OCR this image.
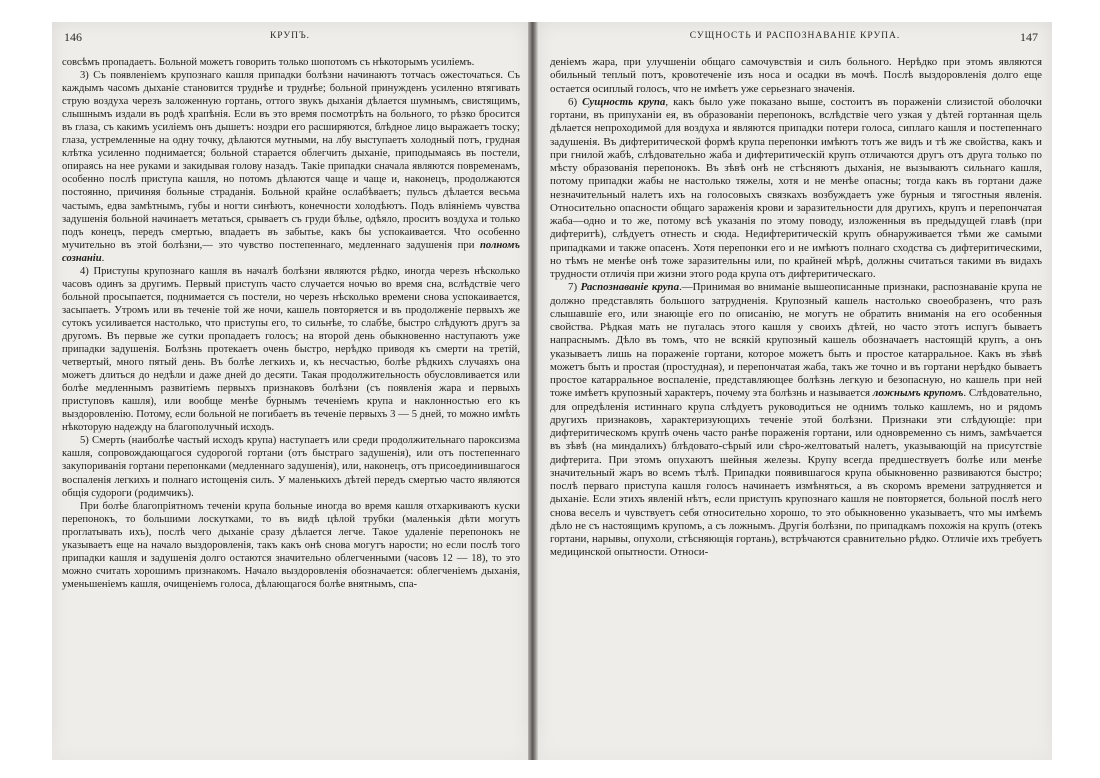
146	КРУПЪ.

совсѣмъ пропадаетъ. Больной можетъ говорить только шопотомъ съ нѣкоторымъ усиліемъ.

3) Съ появленіемъ крупознаго кашля припадки болѣзни начинаютъ тотчасъ ожесточаться. Съ каждымъ часомъ дыханіе становится труднѣе и труднѣе; больной принужденъ усиленно втягивать струю воздуха черезъ заложенную гортань, оттого звукъ дыханія дѣлается шумнымъ, свистящимъ, слышнымъ издали въ родѣ храпѣнія. Если въ это время посмотрѣть на больного, то рѣзко бросится въ глаза, съ какимъ усиліемъ онъ дышетъ: ноздри его расширяются, блѣдное лицо выражаетъ тоску; глаза, устремленные на одну точку, дѣлаются мутными, на лбу выступаетъ холодный потъ, грудная клѣтка усиленно поднимается; больной старается облегчить дыханіе, приподымаясь въ постели, опираясь на нее руками и закидывая голову назадъ. Такіе припадки сначала являются повременамъ, особенно послѣ приступа кашля, но потомъ дѣлаются чаще и чаще и, наконецъ, продолжаются постоянно, причиняя больные страданія. Больной крайне ослабѣваетъ; пульсъ дѣлается весьма частымъ, едва замѣтнымъ, губы и ногти синѣютъ, конечности холодѣютъ. Подъ вліяніемъ чувства задушенія больной начинаетъ метаться, срываетъ съ груди бѣлье, одѣяло, проситъ воздуха и только подъ конецъ, передъ смертью, впадаетъ въ забытье, какъ бы успокаивается. Что особенно мучительно въ этой болѣзни,— это чувство постепеннаго, медленнаго задушенія при полномъ сознаніи.

4) Приступы крупознаго кашля въ началѣ болѣзни являются рѣдко, иногда черезъ нѣсколько часовъ одинъ за другимъ. Первый приступъ часто случается ночью во время сна, вслѣдствіе чего больной просыпается, поднимается съ постели, но черезъ нѣсколько времени снова успокаивается, засыпаетъ. Утромъ или въ теченіе той же ночи, кашель повторяется и въ продолженіе первыхъ же сутокъ усиливается настолько, что приступы его, то сильнѣе, то слабѣе, быстро слѣдуютъ другъ за другомъ. Въ первые же сутки пропадаетъ голосъ; на второй день обыкновенно наступаютъ уже припадки задушенія. Болѣзнь протекаетъ очень быстро, нерѣдко приводя къ смерти на третій, четвертый, много пятый день. Въ болѣе легкихъ и, къ несчастью, болѣе рѣдкихъ случаяхъ она можетъ длиться до недѣли и даже дней до десяти. Такая продолжительность обусловливается или болѣе медленнымъ развитіемъ первыхъ признаковъ болѣзни (съ появленія жара и первыхъ приступовъ кашля), или вообще менѣе бурнымъ теченіемъ крупа и наклонностью его къ выздоровленію. Потому, если больной не погибаетъ въ теченіе первыхъ 3 — 5 дней, то можно имѣть нѣкоторую надежду на благополучный исходъ.

5) Смерть (наиболѣе частый исходъ крупа) наступаетъ или среди продолжительнаго пароксизма кашля, сопровождающагося судорогой гортани (отъ быстраго задушенія), или отъ постепеннаго закупориванія гортани перепонками (медленнаго задушенія), или, наконецъ, отъ присоединившагося воспаленія легкихъ и полнаго истощенія силъ. У маленькихъ дѣтей передъ смертью часто являются общія судороги (родимчикъ).

При болѣе благопріятномъ теченіи крупа больные иногда во время кашля отхаркиваютъ куски перепонокъ, то большими лоскутками, то въ видѣ цѣлой трубки (маленькія дѣти могутъ проглатывать ихъ), послѣ чего дыханіе сразу дѣлается легче. Такое удаленіе перепонокъ не указываетъ еще на начало выздоровленія, такъ какъ онѣ снова могутъ нарости; но если послѣ того припадки кашля и задушенія долго остаются значительно облегченными (часовъ 12 — 18), то это можно считать хорошимъ признакомъ. Начало выздоровленія обозначается: облегченіемъ дыханія, уменьшеніемъ кашля, очищеніемъ голоса, дѣлающагося болѣе внятнымъ, спа-

СУЩНОСТЬ И РАСПОЗНАВАНІЕ КРУПА.	147

деніемъ жара, при улучшеніи общаго самочувствія и силъ больного. Нерѣдко при этомъ являются обильный теплый потъ, кровотеченіе изъ носа и осадки въ мочѣ. Послѣ выздоровленія долго еще остается осиплый голосъ, что не имѣетъ уже серьезнаго значенія.

6) Сущность крупа, какъ было уже показано выше, состоитъ въ пораженіи слизистой оболочки гортани, въ припуханіи ея, въ образованіи перепонокъ, вслѣдствіе чего узкая у дѣтей гортанная щель дѣлается непроходимой для воздуха и являются припадки потери голоса, сиплаго кашля и постепеннаго задушенія. Въ дифтеритической формѣ крупа перепонки имѣютъ тотъ же видъ и тѣ же свойства, какъ и при гнилой жабѣ, слѣдовательно жаба и дифтеритическій крупъ отличаются другъ отъ друга только по мѣсту образованія перепонокъ. Въ зѣвѣ онѣ не стѣсняютъ дыханія, не вызываютъ сильнаго кашля, потому припадки жабы не настолько тяжелы, хотя и не менѣе опасны; тогда какъ въ гортани даже незначительный налетъ ихъ на голосовыхъ связкахъ возбуждаетъ уже бурныя и тягостныя явленія. Относительно опасности общаго зараженія крови и заразительности для другихъ, крупъ и перепончатая жаба—одно и то же, потому всѣ указанія по этому поводу, изложенныя въ предыдущей главѣ (при дифтеритѣ), слѣдуетъ отнесть и сюда. Недифтеритическій крупъ обнаруживается тѣми же самыми припадками и также опасенъ. Хотя перепонки его и не имѣютъ полнаго сходства съ дифтеритическими, но тѣмъ не менѣе онѣ тоже заразительны или, по крайней мѣрѣ, должны считаться такими въ видахъ трудности отличія при жизни этого рода крупа отъ дифтеритическаго.

7) Распознаваніе крупа.—Принимая во вниманіе вышеописанные признаки, распознаваніе крупа не должно представлять большого затрудненія. Крупозный кашель настолько своеобразенъ, что разъ слышавшіе его, или знающіе его по описанію, не могутъ не обратить вниманія на его особенныя свойства. Рѣдкая мать не пугалась этого кашля у своихъ дѣтей, но часто этотъ испугъ бываетъ напраснымъ. Дѣло въ томъ, что не всякій крупозный кашель обозначаетъ настоящій крупъ, а онъ указываетъ лишь на пораженіе гортани, которое можетъ быть и простое катарральное. Какъ въ зѣвѣ можетъ быть и простая (простудная), и перепончатая жаба, такъ же точно и въ гортани нерѣдко бываетъ простое катарральное воспаленіе, представляющее болѣзнь легкую и безопасную, но кашель при ней тоже имѣетъ крупозный характеръ, почему эта болѣзнь и называется ложнымъ крупомъ. Слѣдовательно, для опредѣленія истиннаго крупа слѣдуетъ руководиться не однимъ только кашлемъ, но и рядомъ другихъ признаковъ, характеризующихъ теченіе этой болѣзни. Признаки эти слѣдующіе: при дифтеритическомъ крупѣ очень часто ранѣе пораженія гортани, или одновременно съ нимъ, замѣчается въ зѣвѣ (на миндалихъ) блѣдовато-сѣрый или сѣро-желтоватый налетъ, указывающій на присутствіе дифтерита. При этомъ опухаютъ шейныя железы. Крупу всегда предшествуетъ болѣе или менѣе значительный жаръ во всемъ тѣлѣ. Припадки появившагося крупа обыкновенно развиваются быстро; послѣ перваго приступа кашля голосъ начинаетъ измѣняться, а въ скоромъ времени затрудняется и дыханіе. Если этихъ явленій нѣтъ, если приступъ крупознаго кашля не повторяется, больной послѣ него снова веселъ и чувствуетъ себя относительно хорошо, то это обыкновенно указываетъ, что мы имѣемъ дѣло не съ настоящимъ крупомъ, а съ ложнымъ. Другія болѣзни, по припадкамъ похожія на крупъ (отекъ гортани, нарывы, опухоли, стѣсняющія гортань), встрѣчаются сравнительно рѣдко. Отличіе ихъ требуетъ медицинской опытности. Относи-
